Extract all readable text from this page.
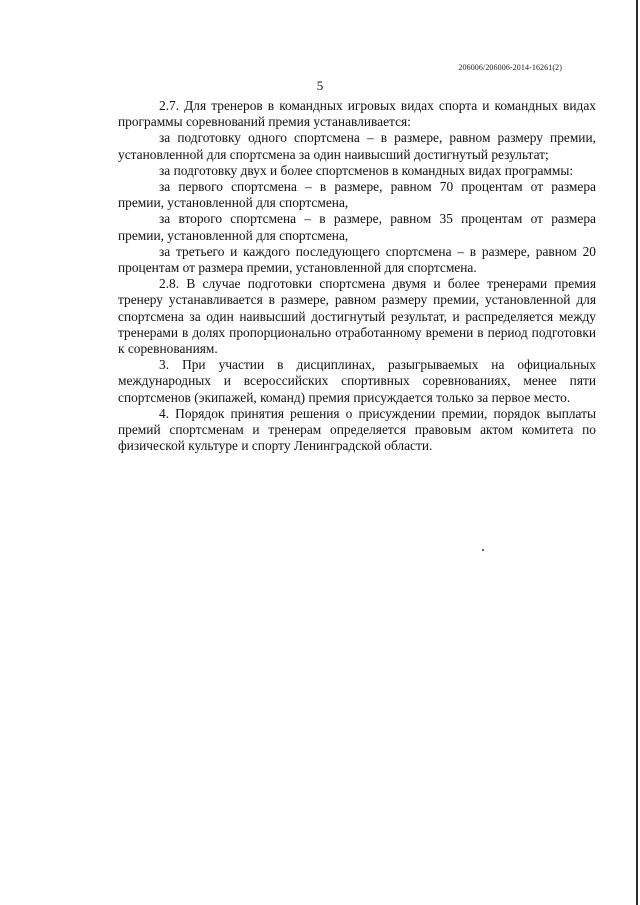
206006/206006-2014-16261(2)
5

2.7. Для тренеров в командных игровых видах спорта и командных видах программы соревнований премия устанавливается:

за подготовку одного спортсмена – в размере, равном размеру премии, установленной для спортсмена за один наивысший достигнутый результат;

за подготовку двух и более спортсменов в командных видах программы:

за первого спортсмена – в размере, равном 70 процентам от размера премии, установленной для спортсмена,

за второго спортсмена – в размере, равном 35 процентам от размера премии, установленной для спортсмена,

за третьего и каждого последующего спортсмена – в размере, равном 20 процентам от размера премии, установленной для спортсмена.

2.8. В случае подготовки спортсмена двумя и более тренерами премия тренеру устанавливается в размере, равном размеру премии, установленной для спортсмена за один наивысший достигнутый результат, и распределяется между тренерами в долях пропорционально отработанному времени в период подготовки к соревнованиям.

3. При участии в дисциплинах, разыгрываемых на официальных международных и всероссийских спортивных соревнованиях, менее пяти спортсменов (экипажей, команд) премия присуждается только за первое место.

4. Порядок принятия решения о присуждении премии, порядок выплаты премий спортсменам и тренерам определяется правовым актом комитета по физической культуре и спорту Ленинградской области.
